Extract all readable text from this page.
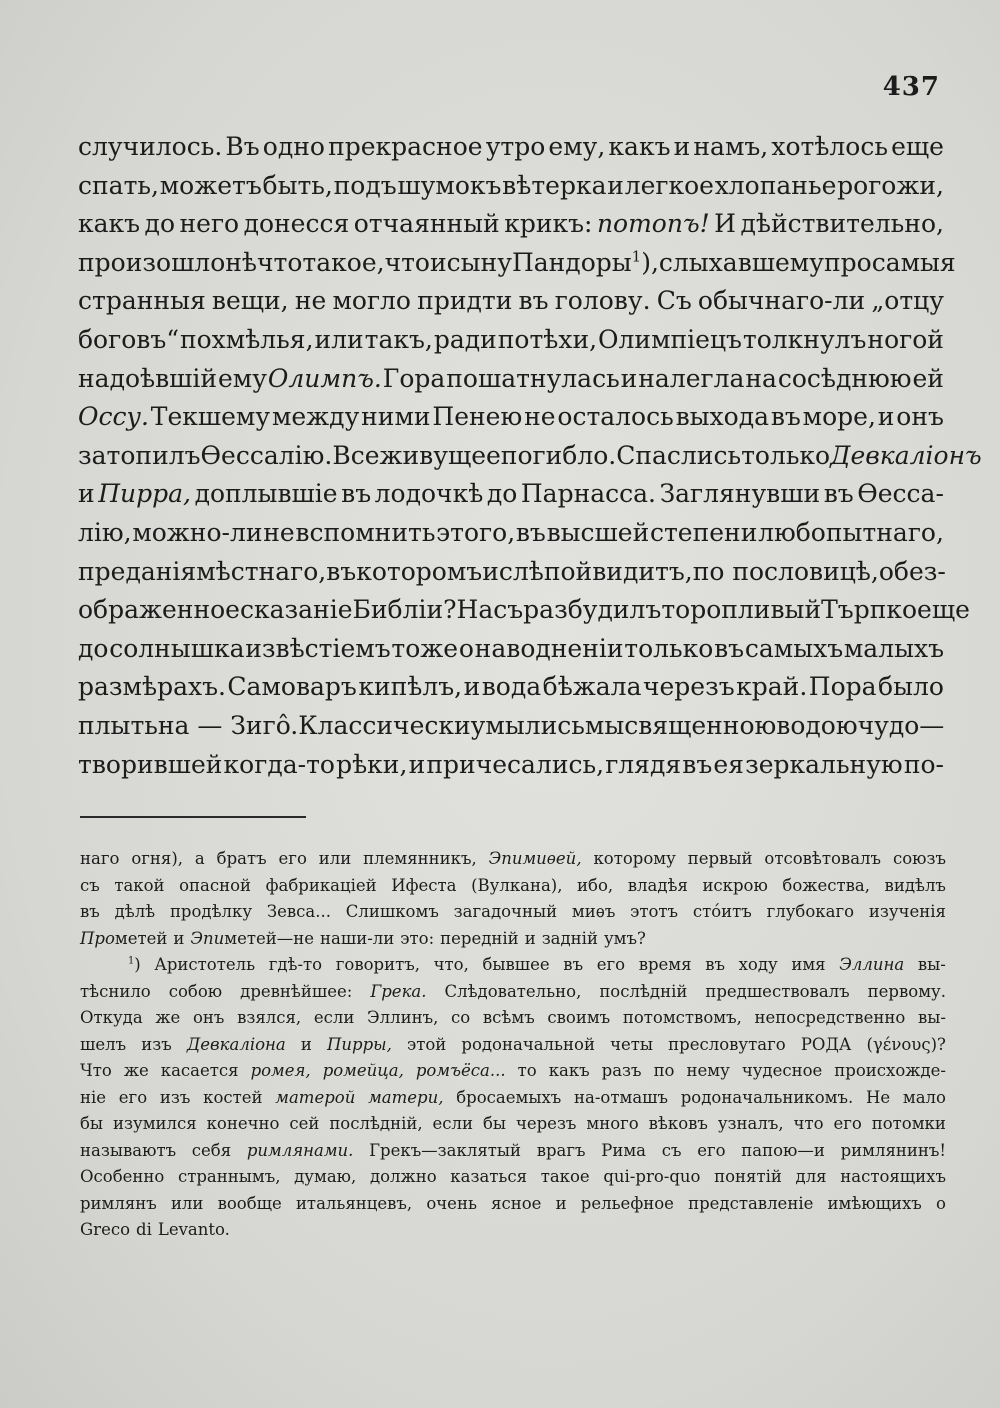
437
случилось. Въ одно прекрасное утро ему, какъ и намъ, хотѣлось еще
спать, можетъ быть, подъ шумокъ вѣтерка и легкое хлопанье рогожи,
какъ до него донесся отчаянный крикъ: потопъ! И дѣйствительно,
произошло нѣчто такое, что и сыну Пандоры $^1$), слыхавшему про самыя
странныя вещи, не могло придти въ голову. Съ обычнаго-ли „отцу
боговъ“ похмѣлья, или такъ, ради потѣхи, Олимпіецъ толкнулъ ногой
надоѣвшій ему Олимпъ. Гора пошатнулась и налегла на сосѣднюю ей
Оссу. Текшему между ними Пенею не осталось выхода въ море, и онъ
затопилъ Ѳессалію. Все живущее погибло. Спаслись только Девкаліонъ
и Пирра, доплывшіе въ лодочкѣ до Парнасса. Заглянувши въ Ѳесса-
лію, можно-ли не вспомнить этого, въ высшей степени любопытнаго,
преданія мѣстнаго, въ которомъ и слѣпой видитъ, по пословицѣ, обез-
ображенное сказаніе Библіи? Насъ разбудилъ торопливый Търпко еще
до солнышка извѣстіемъ тоже о наводненіи только въ самыхъ малыхъ
размѣрахъ. Самоваръ кипѣлъ, и вода бѣжала черезъ край. Пора было
плыть на — Зигô. Классически умылись мы священною водою чудо—
творившей когда-то рѣки, и причесались, глядя въ ея зеркальную по-
наго огня), а братъ его или племянникъ, Эпимиѳей, которому первый отсовѣтовалъ союзъ
съ такой опасной фабрикаціей Ифеста (Вулкана), ибо, владѣя искрою божества, видѣлъ
въ дѣлѣ продѣлку Зевса... Слишкомъ загадочный миѳъ этотъ стóитъ глубокаго изученія
Прометей и Эпиметей—не наши-ли это: передній и задній умъ?
$^1$) Аристотель гдѣ-то говоритъ, что, бывшее въ его время въ ходу имя Эллина вы-
тѣснило собою древнѣйшее: Грека. Слѣдовательно, послѣдній предшествовалъ первому.
Откуда же онъ взялся, если Эллинъ, со всѣмъ своимъ потомствомъ, непосредственно вы-
шелъ изъ Девкаліона и Пирры, этой родоначальной четы пресловутаго РОДА (γένους)?
Что же касается ромея, ромейца, ромъёса... то какъ разъ по нему чудесное происхожде-
ніе его изъ костей матерой матери, бросаемыхъ на-отмашъ родоначальникомъ. Не мало
бы изумился конечно сей послѣдній, если бы черезъ много вѣковъ узналъ, что его потомки
называютъ себя римлянами. Грекъ—заклятый врагъ Рима съ его папою—и римлянинъ!
Особенно страннымъ, думаю, должно казаться такое qui-pro-quo понятій для настоящихъ
римлянъ или вообще итальянцевъ, очень ясное и рельефное представленіе имѣющихъ о
Greco di Levanto.
